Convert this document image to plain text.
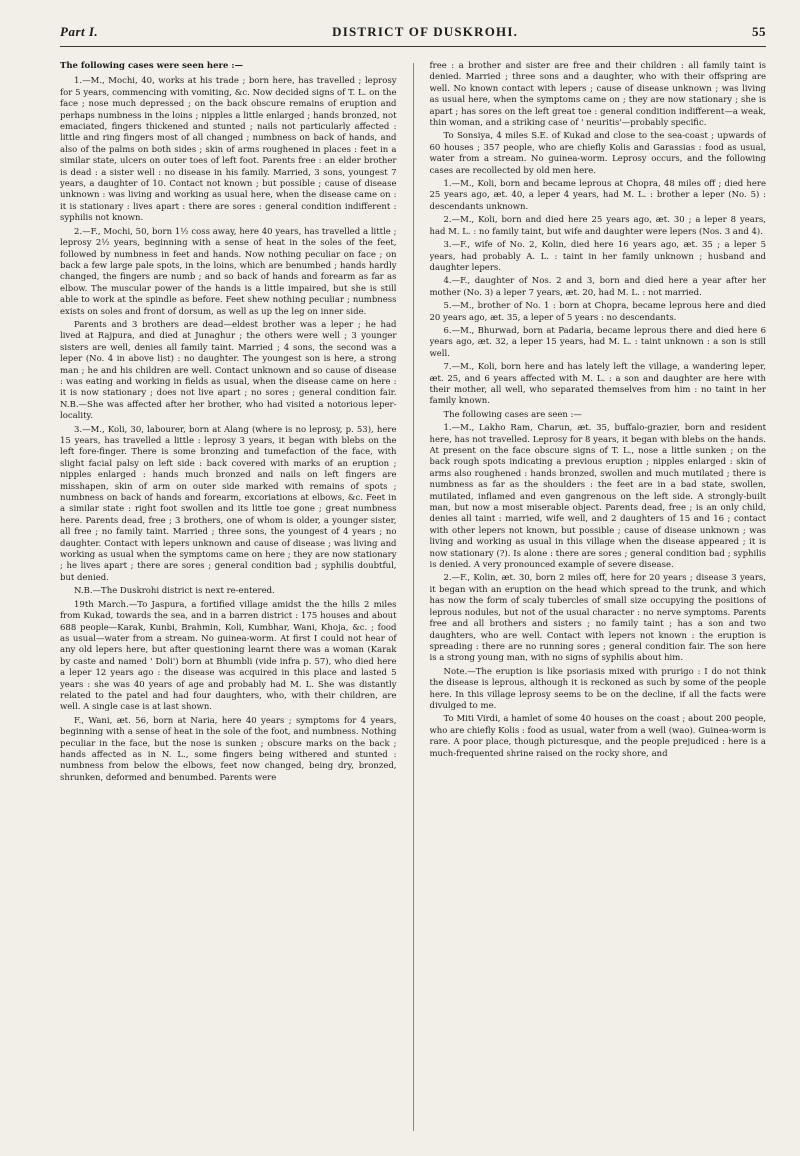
Part I.	DISTRICT OF DUSKROHI.	55

The following cases were seen here :—

1.—M., Mochi, 40, works at his trade ; born here, has travelled ; leprosy for 5 years, commencing with vomiting, &c. Now decided signs of T. L. on the face ; nose much depressed ; on the back obscure remains of eruption and perhaps numbness in the loins ; nipples a little enlarged ; hands bronzed, not emaciated, fingers thickened and stunted ; nails not particularly affected : little and ring fingers most of all changed ; numbness on back of hands, and also of the palms on both sides ; skin of arms roughened in places : feet in a similar state, ulcers on outer toes of left foot. Parents free : an elder brother is dead : a sister well : no disease in his family. Married, 3 sons, youngest 7 years, a daughter of 10. Contact not known ; but possible ; cause of disease unknown : was living and working as usual here, when the disease came on : it is stationary : lives apart : there are sores : general condition indifferent : syphilis not known.

2.—F., Mochi, 50, born 1½ coss away, here 40 years, has travelled a little ; leprosy 2½ years, beginning with a sense of heat in the soles of the feet, followed by numbness in feet and hands. Now nothing peculiar on face ; on back a few large pale spots, in the loins, which are benumbed ; hands hardly changed, the fingers are numb ; and so back of hands and forearm as far as elbow. The muscular power of the hands is a little impaired, but she is still able to work at the spindle as before. Feet shew nothing peculiar ; numbness exists on soles and front of dorsum, as well as up the leg on inner side.

Parents and 3 brothers are dead—eldest brother was a leper ; he had lived at Rajpura, and died at Junaghur ; the others were well ; 3 younger sisters are well, denies all family taint. Married ; 4 sons, the second was a leper (No. 4 in above list) : no daughter. The youngest son is here, a strong man ; he and his children are well. Contact unknown and so cause of disease : was eating and working in fields as usual, when the disease came on here : it is now stationary ; does not live apart ; no sores ; general condition fair. N.B.—She was affected after her brother, who had visited a notorious leper-locality.

3.—M., Koli, 30, labourer, born at Alang (where is no leprosy, p. 53), here 15 years, has travelled a little : leprosy 3 years, it began with blebs on the left fore-finger. There is some bronzing and tumefaction of the face, with slight facial palsy on left side : back covered with marks of an eruption ; nipples enlarged : hands much bronzed and nails on left fingers are misshapen, skin of arm on outer side marked with remains of spots ; numbness on back of hands and forearm, excoriations at elbows, &c. Feet in a similar state : right foot swollen and its little toe gone ; great numbness here. Parents dead, free ; 3 brothers, one of whom is older, a younger sister, all free ; no family taint. Married ; three sons, the youngest of 4 years ; no daughter. Contact with lepers unknown and cause of disease ; was living and working as usual when the symptoms came on here ; they are now stationary ; he lives apart ; there are sores ; general condition bad ; syphilis doubtful, but denied.

N.B.—The Duskrohi district is next re-entered.

19th March.—To Jaspura, a fortified village amidst the the hills 2 miles from Kukad, towards the sea, and in a barren district : 175 houses and about 688 people—Karak, Kunbi, Brahmin, Koli, Kumbhar, Wani, Khoja, &c. ; food as usual—water from a stream. No guinea-worm. At first I could not hear of any old lepers here, but after questioning learnt there was a woman (Karak by caste and named ' Doli') born at Bhumbli (vide infra p. 57), who died here a leper 12 years ago : the disease was acquired in this place and lasted 5 years : she was 40 years of age and probably had M. L. She was distantly related to the patel and had four daughters, who, with their children, are well. A single case is at last shown.

F., Wani, æt. 56, born at Naria, here 40 years ; symptoms for 4 years, beginning with a sense of heat in the sole of the foot, and numbness. Nothing peculiar in the face, but the nose is sunken ; obscure marks on the back ; hands affected as in N. L., some fingers being withered and stunted : numbness from below the elbows, feet now changed, being dry, bronzed, shrunken, deformed and benumbed. Parents were

free : a brother and sister are free and their children : all family taint is denied. Married ; three sons and a daughter, who with their offspring are well. No known contact with lepers ; cause of disease unknown ; was living as usual here, when the symptoms came on ; they are now stationary ; she is apart ; has sores on the left great toe : general condition indifferent—a weak, thin woman, and a striking case of ' neuritis'—probably specific.

To Sonsiya, 4 miles S.E. of Kukad and close to the sea-coast ; upwards of 60 houses ; 357 people, who are chiefly Kolis and Garassias : food as usual, water from a stream. No guinea-worm. Leprosy occurs, and the following cases are recollected by old men here.

1.—M., Koli, born and became leprous at Chopra, 48 miles off ; died here 25 years ago, æt. 40, a leper 4 years, had M. L. : brother a leper (No. 5) : descendants unknown.

2.—M., Koli, born and died here 25 years ago, æt. 30 ; a leper 8 years, had M. L. : no family taint, but wife and daughter were lepers (Nos. 3 and 4).

3.—F., wife of No. 2, Kolin, died here 16 years ago, æt. 35 ; a leper 5 years, had probably A. L. : taint in her family unknown ; husband and daughter lepers.

4.—F., daughter of Nos. 2 and 3, born and died here a year after her mother (No. 3) a leper 7 years, æt. 20, had M. L. : not married.

5.—M., brother of No. 1 : born at Chopra, became leprous here and died 20 years ago, æt. 35, a leper of 5 years : no descendants.

6.—M., Bhurwad, born at Padaria, became leprous there and died here 6 years ago, æt. 32, a leper 15 years, had M. L. : taint unknown : a son is still well.

7.—M., Koli, born here and has lately left the village, a wandering leper, æt. 25, and 6 years affected with M. L. : a son and daughter are here with their mother, all well, who separated themselves from him : no taint in her family known.

The following cases are seen :—

1.—M., Lakho Ram, Charun, æt. 35, buffalo-grazier, born and resident here, has not travelled. Leprosy for 8 years, it began with blebs on the hands. At present on the face obscure signs of T. L., nose a little sunken ; on the back rough spots indicating a previous eruption ; nipples enlarged : skin of arms also roughened : hands bronzed, swollen and much mutilated ; there is numbness as far as the shoulders : the feet are in a bad state, swollen, mutilated, inflamed and even gangrenous on the left side. A strongly-built man, but now a most miserable object. Parents dead, free ; is an only child, denies all taint : married, wife well, and 2 daughters of 15 and 16 ; contact with other lepers not known, but possible ; cause of disease unknown ; was living and working as usual in this village when the disease appeared ; it is now stationary (?). Is alone : there are sores ; general condition bad ; syphilis is denied. A very pronounced example of severe disease.

2.—F., Kolin, æt. 30, born 2 miles off, here for 20 years ; disease 3 years, it began with an eruption on the head which spread to the trunk, and which has now the form of scaly tubercles of small size occupying the positions of leprous nodules, but not of the usual character : no nerve symptoms. Parents free and all brothers and sisters ; no family taint ; has a son and two daughters, who are well. Contact with lepers not known : the eruption is spreading : there are no running sores ; general condition fair. The son here is a strong young man, with no signs of syphilis about him.

Note.—The eruption is like psoriasis mixed with prurigo : I do not think the disease is leprous, although it is reckoned as such by some of the people here. In this village leprosy seems to be on the decline, if all the facts were divulged to me.

To Miti Virdi, a hamlet of some 40 houses on the coast ; about 200 people, who are chiefly Kolis : food as usual, water from a well (wao). Guinea-worm is rare. A poor place, though picturesque, and the people prejudiced : here is a much-frequented shrine raised on the rocky shore, and
